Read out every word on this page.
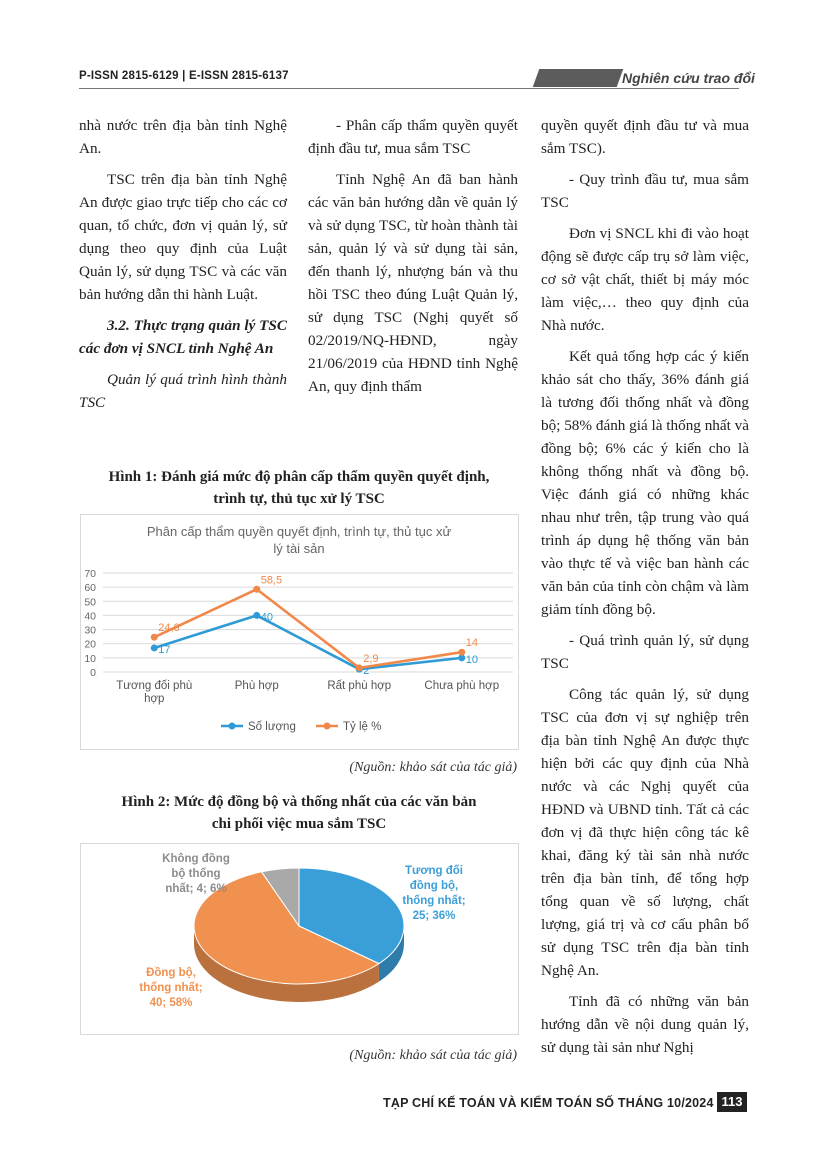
P-ISSN 2815-6129 | E-ISSN 2815-6137	Nghiên cứu trao đổi

nhà nước trên địa bàn tỉnh Nghệ An.

TSC trên địa bàn tỉnh Nghệ An được giao trực tiếp cho các cơ quan, tổ chức, đơn vị quản lý, sử dụng theo quy định của Luật Quản lý, sử dụng TSC và các văn bản hướng dẫn thi hành Luật.

3.2. Thực trạng quản lý TSC các đơn vị SNCL tỉnh Nghệ An

Quản lý quá trình hình thành TSC

- Phân cấp thẩm quyền quyết định đầu tư, mua sắm TSC

Tỉnh Nghệ An đã ban hành các văn bản hướng dẫn về quản lý và sử dụng TSC, từ hoàn thành tài sản, quản lý và sử dụng tài sản, đến thanh lý, nhượng bán và thu hồi TSC theo đúng Luật Quản lý, sử dụng TSC (Nghị quyết số 02/2019/NQ-HĐND, ngày 21/06/2019 của HĐND tỉnh Nghệ An, quy định thẩm

quyền quyết định đầu tư và mua sắm TSC).

- Quy trình đầu tư, mua sắm TSC

Đơn vị SNCL khi đi vào hoạt động sẽ được cấp trụ sở làm việc, cơ sở vật chất, thiết bị máy móc làm việc,… theo quy định của Nhà nước.

Kết quả tổng hợp các ý kiến khảo sát cho thấy, 36% đánh giá là tương đối thống nhất và đồng bộ; 58% đánh giá là thống nhất và đồng bộ; 6% các ý kiến cho là không thống nhất và đồng bộ. Việc đánh giá có những khác nhau như trên, tập trung vào quá trình áp dụng hệ thống văn bản vào thực tế và việc ban hành các văn bản của tỉnh còn chậm và làm giảm tính đồng bộ.

- Quá trình quản lý, sử dụng TSC

Công tác quản lý, sử dụng TSC của đơn vị sự nghiệp trên địa bàn tỉnh Nghệ An được thực hiện bởi các quy định của Nhà nước và các Nghị quyết của HĐND và UBND tỉnh. Tất cả các đơn vị đã thực hiện công tác kê khai, đăng ký tài sản nhà nước trên địa bàn tỉnh, để tổng hợp tổng quan về số lượng, chất lượng, giá trị và cơ cấu phân bổ sử dụng TSC trên địa bàn tỉnh Nghệ An.

Tỉnh đã có những văn bản hướng dẫn về nội dung quản lý, sử dụng tài sản như Nghị

Hình 1: Đánh giá mức độ phân cấp thẩm quyền quyết định,
trình tự, thủ tục xử lý TSC
Phân cấp thẩm quyền quyết định, trình tự, thủ tục xử
lý tài sản
0
10
20
30
40
50
60
70
Tương đối phù
hợp
Phù hợp	Rất phù hợp	Chưa phù hợp
17
40
2
10
24,6
58,5
2,9
14
Số lượng	Tỷ lệ %
(Nguồn: khảo sát của tác giả)
Hình 2: Mức độ đồng bộ và thống nhất của các văn bản
chi phối việc mua sắm TSC
Tương đối
đồng bộ,
thống nhất;
25; 36%
Đồng bộ,
thống nhất;
40; 58%
Không đồng
bộ thống
nhất; 4; 6%
(Nguồn: khảo sát của tác giả)
TẠP CHÍ KẾ TOÁN VÀ KIỂM TOÁN SỐ THÁNG 10/2024 113
